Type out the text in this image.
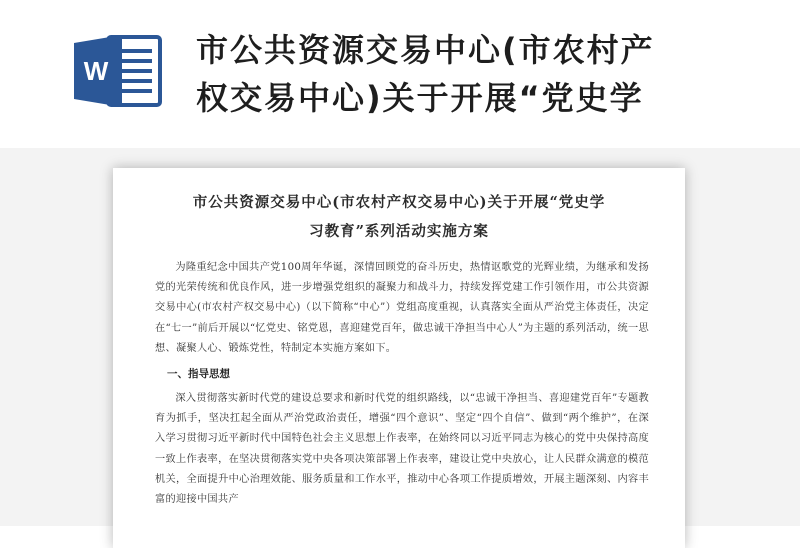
W
市公共资源交易中心(市农村产
权交易中心)关于开展“党史学
市公共资源交易中心(市农村产权交易中心)关于开展“党史学
习教育”系列活动实施方案

为隆重纪念中国共产党100周年华诞，深情回顾党的奋斗历史，热情讴歌党的光辉业绩，为继承和发扬党的光荣传统和优良作风，进一步增强党组织的凝聚力和战斗力，持续发挥党建工作引领作用，市公共资源交易中心(市农村产权交易中心)（以下简称“中心”）党组高度重视，认真落实全面从严治党主体责任，决定在“七一”前后开展以“忆党史、铭党恩，喜迎建党百年，做忠诚干净担当中心人”为主题的系列活动，统一思想、凝聚人心、锻炼党性，特制定本实施方案如下。

一、指导思想

深入贯彻落实新时代党的建设总要求和新时代党的组织路线，以“忠诚干净担当、喜迎建党百年”专题教育为抓手，坚决扛起全面从严治党政治责任，增强“四个意识”、坚定“四个自信”、做到“两个维护”，在深入学习贯彻习近平新时代中国特色社会主义思想上作表率，在始终同以习近平同志为核心的党中央保持高度一致上作表率，在坚决贯彻落实党中央各项决策部署上作表率，建设让党中央放心，让人民群众满意的模范机关，全面提升中心治理效能、服务质量和工作水平，推动中心各项工作提质增效，开展主题深刻、内容丰富的迎接中国共产
